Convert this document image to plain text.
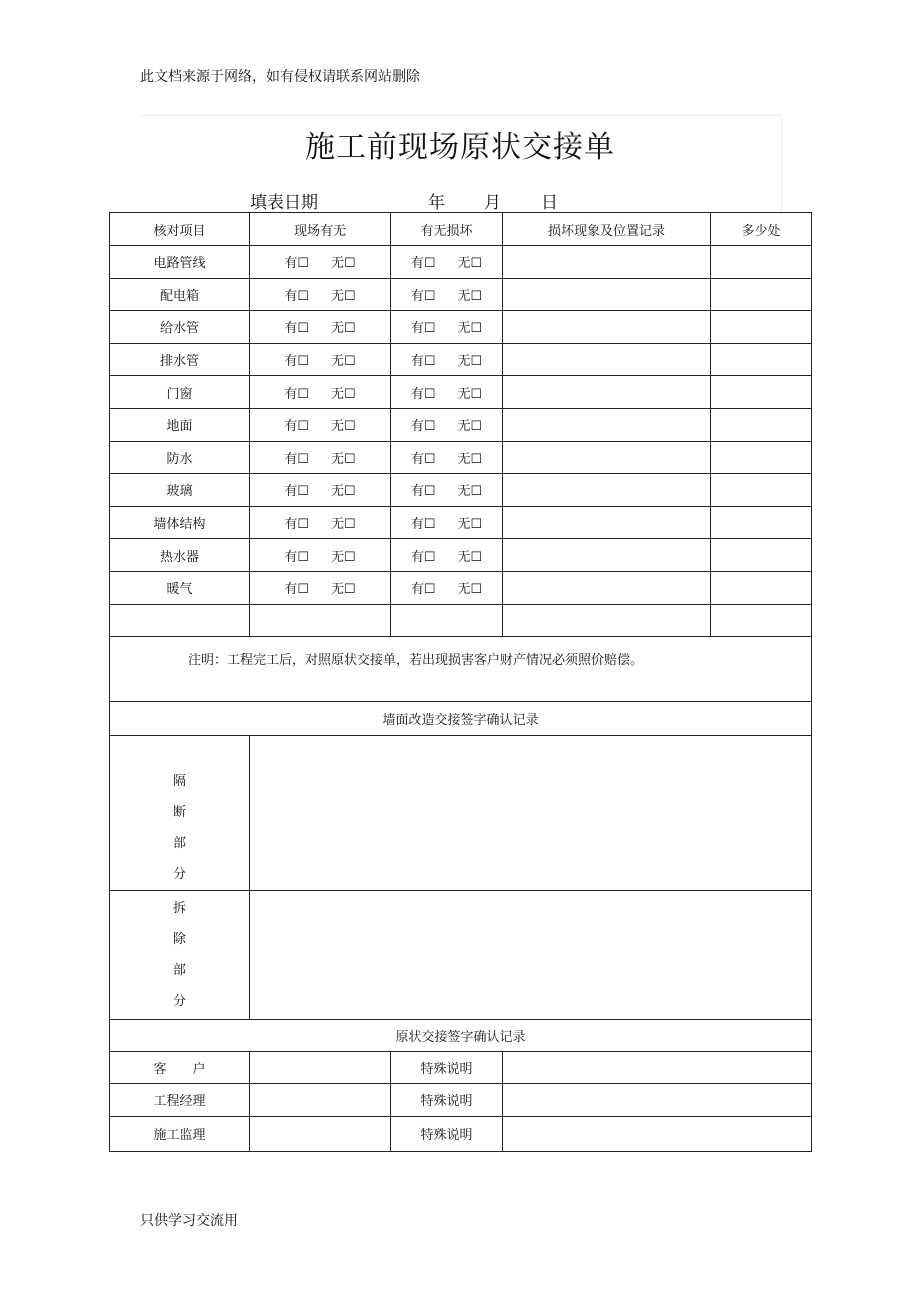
此文档来源于网络，如有侵权请联系网站删除
施工前现场原状交接单
填表日期	年 月 日
核对项目	现场有无	有无损坏	损坏现象及位置记录	多少处
电路管线	有☐ 无☐	有☐ 无☐		
配电箱	有☐ 无☐	有☐ 无☐		
给水管	有☐ 无☐	有☐ 无☐		
排水管	有☐ 无☐	有☐ 无☐		
门窗	有☐ 无☐	有☐ 无☐		
地面	有☐ 无☐	有☐ 无☐		
防水	有☐ 无☐	有☐ 无☐		
玻璃	有☐ 无☐	有☐ 无☐		
墙体结构	有☐ 无☐	有☐ 无☐		
热水器	有☐ 无☐	有☐ 无☐		
暖气	有☐ 无☐	有☐ 无☐		

注明：工程完工后，对照原状交接单，若出现损害客户财产情况必须照价赔偿。				
墙面改造交接签字确认记录				

隔
断
部
分				

拆
除
部
分				

原状交接签字确认记录				
客　　户		特殊说明		
工程经理		特殊说明		
施工监理		特殊说明		
只供学习交流用
